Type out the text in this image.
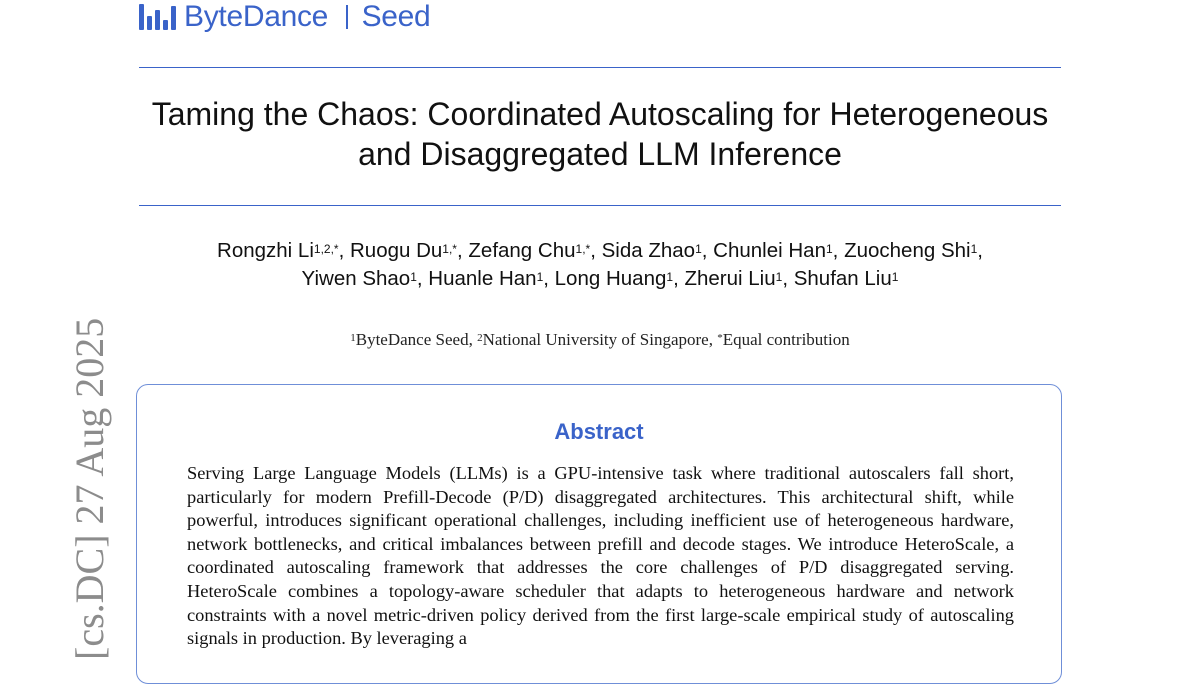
ByteDance Seed
Taming the Chaos: Coordinated Autoscaling for Heterogeneous
and Disaggregated LLM Inference
Rongzhi $Li^{1,2,*}$, Ruogu $Du^{1,*}$, Zefang Chu$^{1,*}$, Sida Zhao$^1$, Chunlei Han$^1$, Zuocheng Shi$^1$,
Yiwen Shao$^1$, Huanle Han$^1$, Long Huang$^1$, Zherui Liu$^1$, Shufan Liu$^1$
$^1$ByteDance Seed, $^2$National University of Singapore, *Equal contribution
Abstract
Serving Large Language Models (LLMs) is a GPU-intensive task where traditional autoscalers fall short, particularly for modern Prefill-Decode (P/D) disaggregated architectures. This architectural shift, while powerful, introduces significant operational challenges, including inefficient use of heterogeneous hardware, network bottlenecks, and critical imbalances between prefill and decode stages. We introduce HeteroScale, a coordinated autoscaling framework that addresses the core challenges of P/D disaggregated serving. HeteroScale combines a topology-aware scheduler that adapts to heterogeneous hardware and network constraints with a novel metric-driven policy derived from the first large-scale empirical study of autoscaling signals in production. By leveraging a
[cs.DC] 27 Aug 2025
